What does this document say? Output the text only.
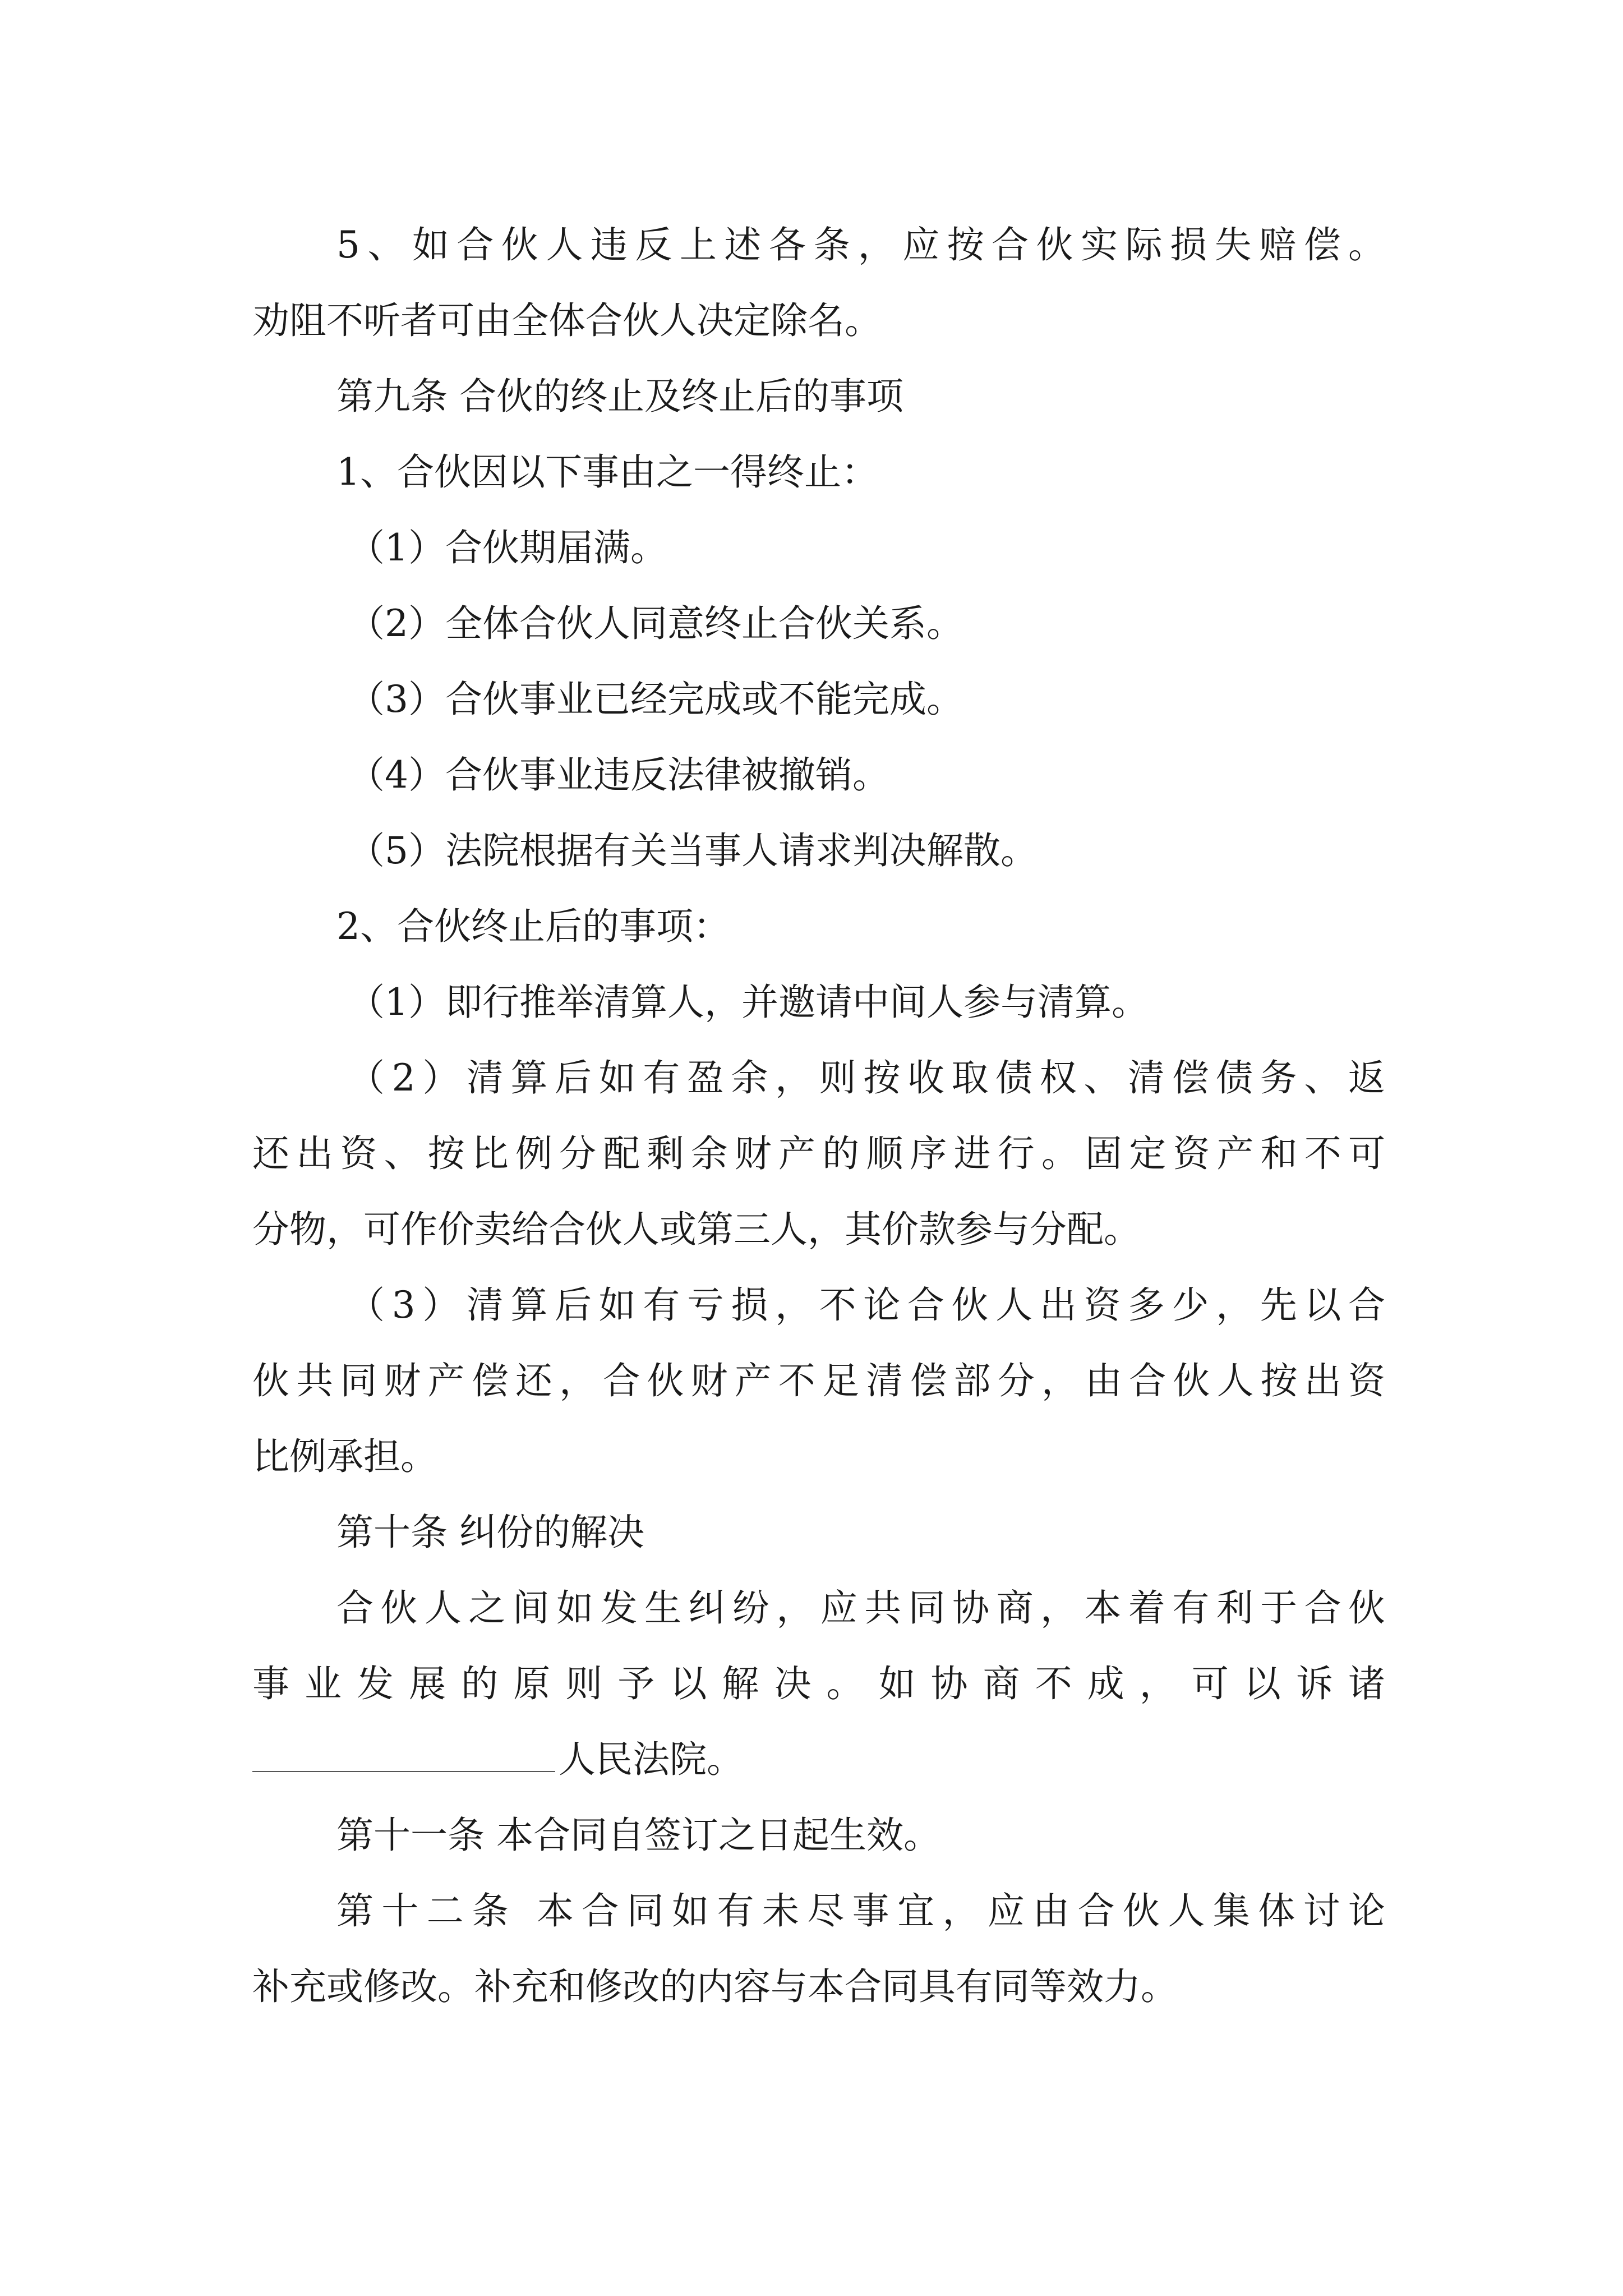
5、如合伙人违反上述各条，应按合伙实际损失赔偿。
劝阻不听者可由全体合伙人决定除名。
第九条 合伙的终止及终止后的事项
1、合伙因以下事由之一得终止：
（1）合伙期届满。
（2）全体合伙人同意终止合伙关系。
（3）合伙事业已经完成或不能完成。
（4）合伙事业违反法律被撤销。
（5）法院根据有关当事人请求判决解散。
2、合伙终止后的事项：
（1）即行推举清算人，并邀请中间人参与清算。
（2）清算后如有盈余，则按收取债权、清偿债务、返
还出资、按比例分配剩余财产的顺序进行。固定资产和不可
分物，可作价卖给合伙人或第三人，其价款参与分配。
（3）清算后如有亏损，不论合伙人出资多少，先以合
伙共同财产偿还，合伙财产不足清偿部分，由合伙人按出资
比例承担。
第十条 纠份的解决
合伙人之间如发生纠纷，应共同协商，本着有利于合伙
事业发展的原则予以解决。如协商不成，可以诉诸
人民法院。
第十一条 本合同自签订之日起生效。
第十二条 本合同如有未尽事宜，应由合伙人集体讨论
补充或修改。补充和修改的内容与本合同具有同等效力。
